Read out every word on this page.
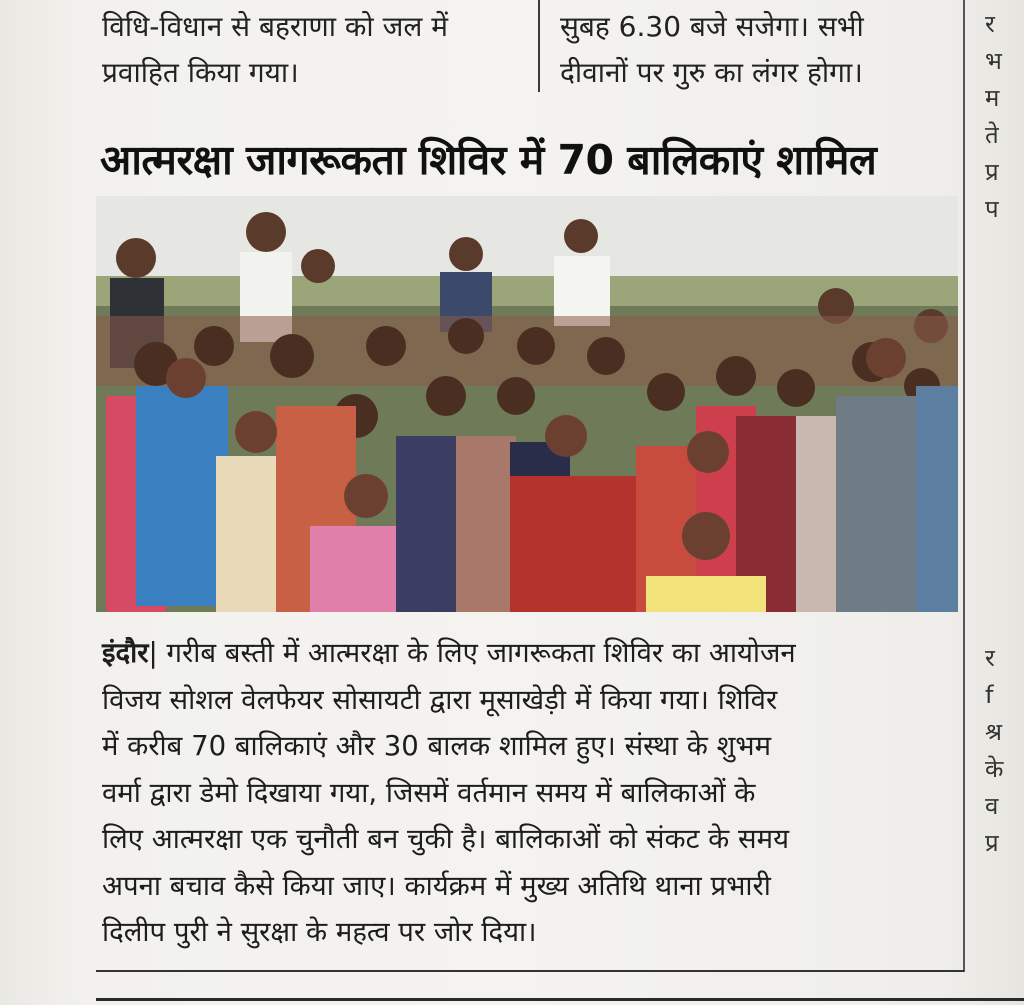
विधि-विधान से बहराणा को जल में
प्रवाहित किया गया।
सुबह 6.30 बजे सजेगा। सभी
दीवानों पर गुरु का लंगर होगा।
र
भ
म
ते
प्र
प
र
f
श्र
के
व
प्र
आत्मरक्षा जागरूकता शिविर में 70 बालिकाएं शामिल
इंदौर| गरीब बस्ती में आत्मरक्षा के लिए जागरूकता शिविर का आयोजन
विजय सोशल वेलफेयर सोसायटी द्वारा मूसाखेड़ी में किया गया। शिविर
में करीब 70 बालिकाएं और 30 बालक शामिल हुए। संस्था के शुभम
वर्मा द्वारा डेमो दिखाया गया, जिसमें वर्तमान समय में बालिकाओं के
लिए आत्मरक्षा एक चुनौती बन चुकी है। बालिकाओं को संकट के समय
अपना बचाव कैसे किया जाए। कार्यक्रम में मुख्य अतिथि थाना प्रभारी
दिलीप पुरी ने सुरक्षा के महत्व पर जोर दिया।
